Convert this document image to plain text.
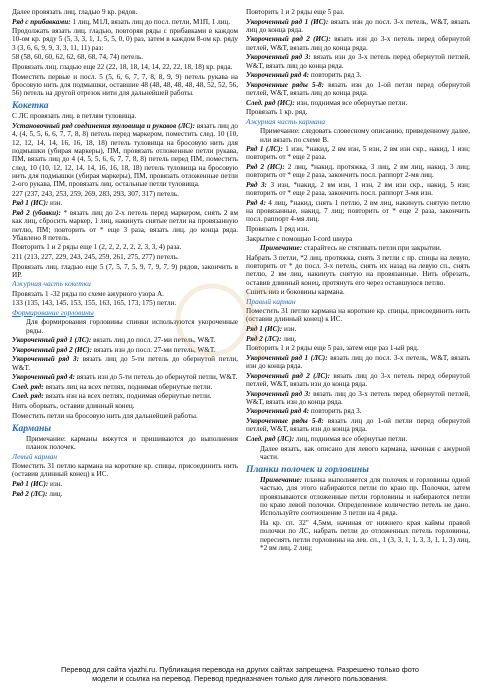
Далее провязать лиц. гладью 9 кр. рядов.

Ряд с прибавками: 1 лиц, М1Л, вязать лиц до посл. петли, М1П, 1 лиц.

Продолжать вязать лиц. гладью, повторяя ряды с прибавками в каждом 10-ом кр. ряду 5 (5, 3, 3, 1, 1, 5, 5, 0, 0) раз, затем в каждом 8-ом кр. ряду 3 (3, 6, 6, 9, 9, 3, 3, 11, 11) раз:

58 (58, 60, 60, 62, 62, 68, 68, 74, 74) петель.

Провязать лиц. гладью еще 22 (22, 18, 18, 14, 14, 22, 22, 18, 18) кр. ряда.

Поместить первые и посл. 5 (5, 6, 6, 7, 7, 8, 8, 9, 9) петель рукава на бросовую нить для подмышки, оставшие 48 (48, 48, 48, 48, 48, 52, 52, 56, 56) петель на другой отрезок нити для дальнейшей работы.

Кокетка

С ЛС провязать лиц. в петлям туловища.

Установочный ряд соединения туловища и рукавов (ЛС): вязать лиц до 4, (4, 5, 5, 6, 6, 7, 7, 8, 8) петель перед маркером, поместить след. 10 (10, 12, 12, 14, 14, 16, 16, 18, 18) петель туловища на бросовую нить для подмышки (убирая маркеры), ПМ, провязать отложенные петли рукава, ПМ, вязать лиц до 4 (4, 5, 5, 6, 6, 7, 7, 8, 8) петель перед ПМ, поместить след. 10 (10, 12, 12, 14, 14, 16, 16, 18, 18) петель туловища на бросовую нить для подмышки (убирая маркеры), ПМ, провязать отложенные петли 2-ого рукава, ПМ, провязать лиц. остальные петли туловища.

227 (237, 243, 253, 259, 269, 283, 293, 307, 317) петель.

Ряд 1 (ИС): изн.

Ряд 2 (убавки): * вязать лиц до 2-х петель перед маркером, снять 2 вм как лиц, сбросить маркер, 1 лиц, накинуть снятые петли на провязанную петлю, ПМ; повторить от * еще 3 раза, вязать лиц. до конца ряда. Убавлено 8 петель.

Повторить 1 и 2 ряды еще 1 (2, 2, 2, 2, 2, 2, 3, 3, 4) раза.

211 (213, 227, 229, 243, 245, 259, 261, 275, 277) петель.

Провязать лиц. гладью еще 5 (7, 5, 7, 5, 9, 7, 9, 7, 9) рядов, закончить в ИР.

Ажурная часть кокетки

Провязать 1 -32 ряды по схеме ажурного узора А.

133 (135, 143, 145, 153, 155, 163, 165, 173, 175) петли.

Формирование горловины

Для формирования горловины спинки используются укороченные ряды.

Укороченный ряд 1 (ЛС): вязать лиц до посл. 27-ми петель, W&T.

Укороченный ряд 2 (ИС): вязать изн до посл. 27-ми петель, W&T.

Укороченный ряд 3: вязать лиц до 5-ти петель до обернутой петли, W&T.

Укороченный ряд 4: вязать изн до 5-ти петель до обернутой петли, W&T.

След. ряд: вязать лиц на всех петлях, поднимая обернутые петли.

След. ряд: вязать изн на всех петлях, поднимая обернутые петли.

Нить оборвать, оставив длинный конец.

Поместить петли на бросовую нить для дальнейшей работы.

Карманы

Примечание: карманы вяжутся и пришиваются до выполнения планок полочек.

Левый карман

Поместить 31 петлю кармана на короткие кр. спицы, присоединить нить (оставив длинный конец) к ИС.

Ряд 1 (ИС): изн.

Ряд 2 (ЛС): лиц.

Повторить 1 и 2 ряды еще 5 раз.

Укороченный ряд 1 (ИС): вязать изн до посл. 3-х петель, W&T, вязать лиц до конца ряда.

Укороченный ряд 2 (ИС): вязать изн до 3-х петель перед обернутой петлей, W&T, вязать лиц до конца ряда.

Укороченный ряд 3: вязать изн до 3-х петель перед обернутой петлей, W&T, вязать лиц до конца ряда.

Укороченный ряд 4: повторить ряд 3.

Укороченные ряды 5-8: вязать изн до 1-ой петли перед обернутой петлей, W&T, вязать лиц до конца ряда.

След. ряд (ИС): изн, поднимая все обернутые петли.

Провязать 1 кр. ряд.

Ажурная часть кармана

Примечание: следовать словесному описанию, приведенному далее, или вязать по схеме В.

Ряд 1 (ЛС): 1 изн, *накид, 2 вм изн, 5 изн, 2 вм изн скр., накид, 1 изн; повторить от * еще 2 раза.

Ряд 2 (ИС): 2 лиц, *накид, протяжка, 3 лиц, 2 вм лиц, накид, 3 лиц; повторить от * еще 2 раза, закончить посл. раппорт 2-мя лиц.

Ряд 3: 3 изн, *накид, 2 вм изн, 1 изн, 2 вм изн скр., накид, 5 изн; повторить от * еще 2 раза, закончить посл. раппорт 3-мя изн.

Ряд 4: 4 лиц, *накид, снять 1 петлю, 2 вм лиц, накинуть снятую петлю на провязанные, накид, 7 лиц; повторить от * еще 2 раза, закончить посл. раппорт 4-мя лиц.

Провязать 1 ряд изн.

Закрытие с помощью I-cord шнура

Примечание: старайтесь не стягивать петли при закрытии.

Набрать 3 петли, *2 лиц, протяжка, снять 3 петли с пр. спицы на левую, повторить от * до посл. 3-х петель, снять их назад на левую сп., снять петлю, 2 вм лиц, накинуть снятую на провязанные. Нить обрезать, оставив длинный конец, протянуть его через оставшуюся петлю.

Сшить низ и боковины кармана.

Правый карман

Поместить 31 петлю кармана на короткие кр. спицы, присоединить нить (оставив длинный конец) к ИС.

Ряд 1 (ИС): изн.

Ряд 2 (ЛС): лиц.

Повторить 1 и 2 ряды еще 5 раз, затем еще раз 1-ый ряд.

Укороченный ряд 1 (ЛС): вязать лиц до посл. 3-х петель, W&T, вязать изн до конца ряда.

Укороченный ряд 2 (ЛС): вязать лиц до 3-х петель перед обернутой петлей, W&T, вязать изн до конца ряда.

Укороченный ряд 3: вязать лиц до 3-х петель перед обернутой петлей, W&T, вязать изн до конца ряда.

Укороченный ряд 4: повторить ряд 3.

Укороченные ряды 5-8: вязать лиц до 1-ой петли перед обернутой петлей, W&T, вязать изн до конца ряда.

След. ряд (ЛС): лиц, поднимая все обернутые петли.

Далее вязать, как описано для левого кармана, начиная с ажурной части.

Планки полочек и горловины

Примечание: планка выполняется для полочек и горловины одной частью, для этого набираются петли по краю пр. Полочки, затем провязываются отложенные петли горловины и набираются петли по краю левой полочки. Определенное количество петель не дано. Используйте соотношение 3 петли на 4 ряда.

На кр. сп. 32" 4,5мм, начиная от нижнего края каймы правой полочки по ЛС, набрать петли до отложенных петель горловины, пересиять петли горловины на лев. сп., 1 (3, 3, 1, 1, 3, 3, 1, 1, 3) лиц, *2 вм лиц, 2 лиц;

Перевод для сайта vjazhi.ru. Публикация перевода на других сайтах запрещена. Разрешено только фото
модели и ссылка на перевод. Перевод предназначен только для личного пользования.
